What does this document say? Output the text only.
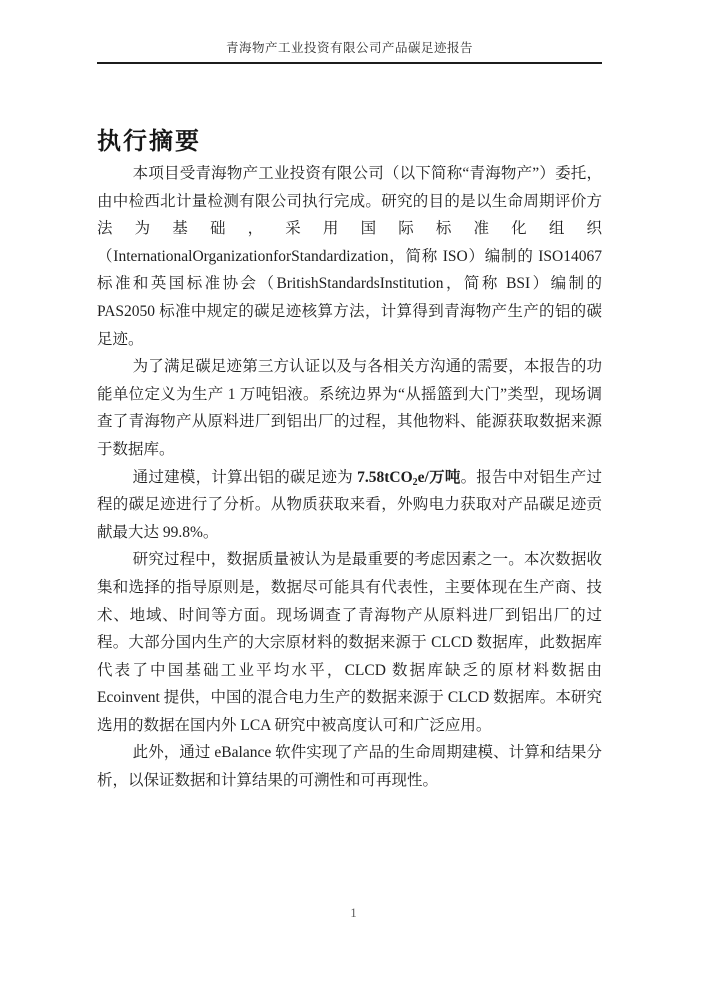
青海物产工业投资有限公司产品碳足迹报告
执行摘要

本项目受青海物产工业投资有限公司（以下简称“青海物产”）委托，由中检西北计量检测有限公司执行完成。研究的目的是以生命周期评价方法为基础，采用国际标准化组织（InternationalOrganizationforStandardization，简称 ISO）编制的 ISO14067 标准和英国标准协会（BritishStandardsInstitution，简称 BSI）编制的 PAS2050 标准中规定的碳足迹核算方法，计算得到青海物产生产的铝的碳足迹。

为了满足碳足迹第三方认证以及与各相关方沟通的需要，本报告的功能单位定义为生产 1 万吨铝液。系统边界为“从摇篮到大门”类型，现场调查了青海物产从原料进厂到铝出厂的过程，其他物料、能源获取数据来源于数据库。

通过建模，计算出铝的碳足迹为 7.58tCO$_2$e/万吨。报告中对铝生产过程的碳足迹进行了分析。从物质获取来看，外购电力获取对产品碳足迹贡献最大达 99.8%。

研究过程中，数据质量被认为是最重要的考虑因素之一。本次数据收集和选择的指导原则是，数据尽可能具有代表性，主要体现在生产商、技术、地域、时间等方面。现场调查了青海物产从原料进厂到铝出厂的过程。大部分国内生产的大宗原材料的数据来源于 CLCD 数据库，此数据库代表了中国基础工业平均水平，CLCD 数据库缺乏的原材料数据由 Ecoinvent 提供，中国的混合电力生产的数据来源于 CLCD 数据库。本研究选用的数据在国内外 LCA 研究中被高度认可和广泛应用。

此外，通过 eBalance 软件实现了产品的生命周期建模、计算和结果分析，以保证数据和计算结果的可溯性和可再现性。

1
